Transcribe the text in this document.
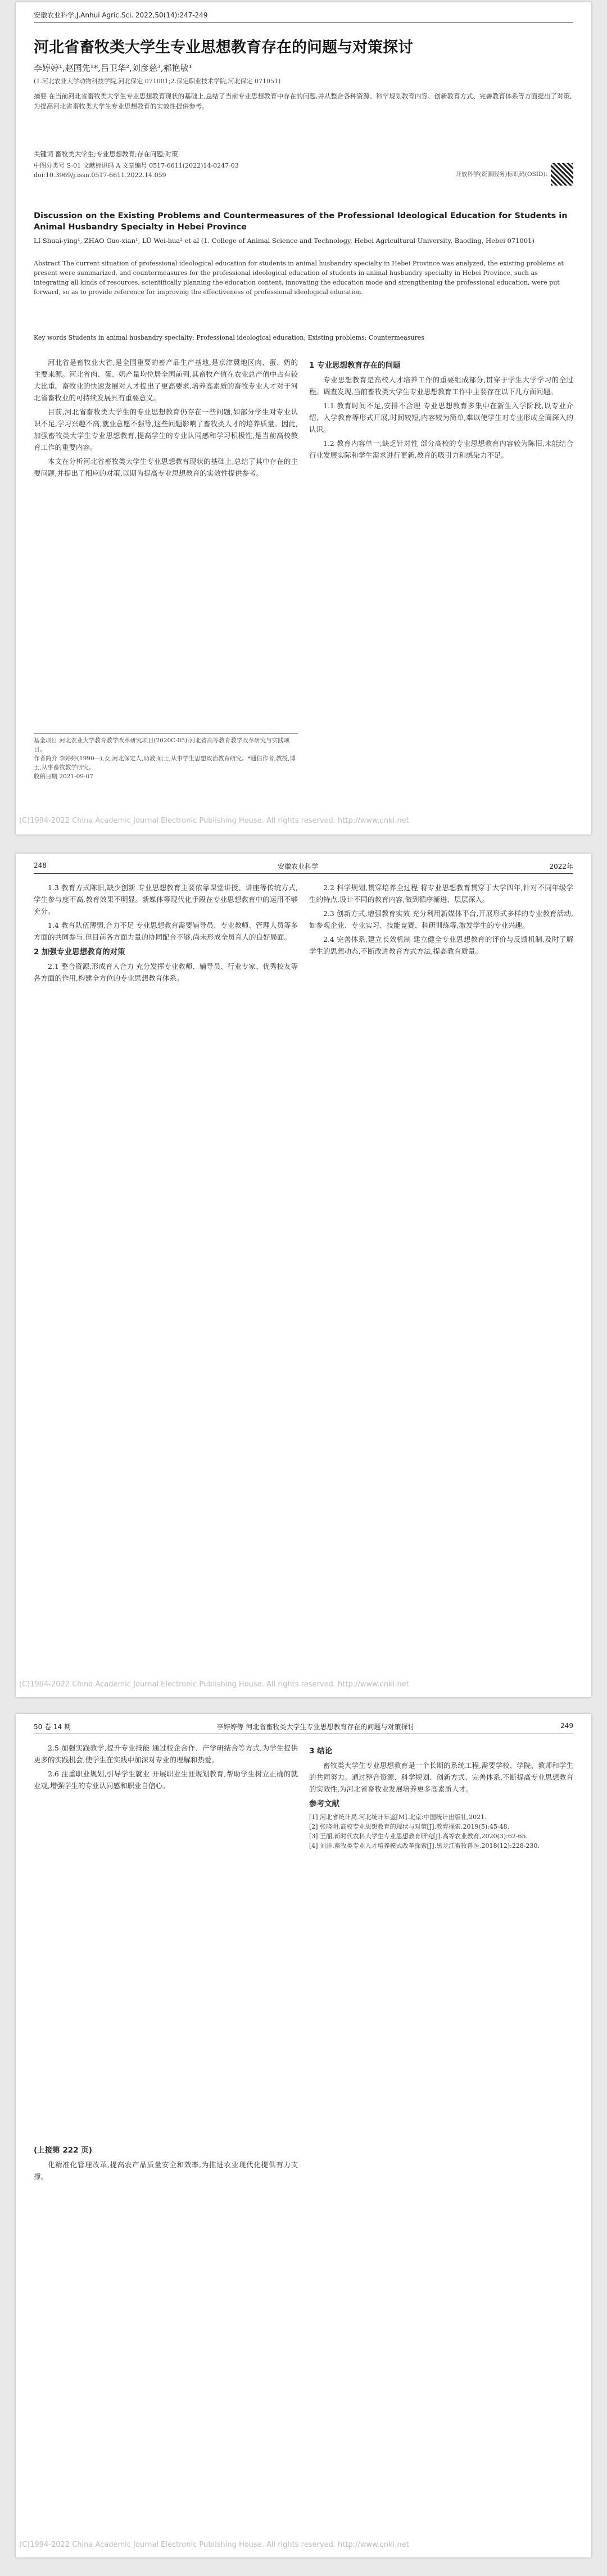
安徽农业科学,J.Anhui Agric.Sci. 2022,50(14):247-249
河北省畜牧类大学生专业思想教育存在的问题与对策探讨
李婷婷¹,赵国先¹*,吕卫华²,刘彦慈³,郝艳敏¹
(1.河北农业大学动物科技学院,河北保定 071001;2.保定职业技术学院,河北保定 071051)
摘要 在当前河北省畜牧类大学生专业思想教育现状的基础上,总结了当前专业思想教育中存在的问题,并从整合各种资源、科学规划教育内容、创新教育方式、完善教育体系等方面提出了对策,为提高河北省畜牧类大学生专业思想教育的实效性提供参考。
关键词 畜牧类大学生;专业思想教育;存在问题;对策
中图分类号 S-01 文献标识码 A 文章编号 0517-6611(2022)14-0247-03
doi:10.3969/j.issn.0517-6611.2022.14.059	开放科学(资源服务)标识码(OSID):
Discussion on the Existing Problems and Countermeasures of the Professional Ideological Education for Students in Animal Husbandry Specialty in Hebei Province
LI Shuai-ying¹, ZHAO Guo-xian¹, LÜ Wei-hua² et al (1. College of Animal Science and Technology, Hebei Agricultural University, Baoding, Hebei 071001)
Abstract The current situation of professional ideological education for students in animal husbandry specialty in Hebei Province was analyzed, the existing problems at present were summarized, and countermeasures for the professional ideological education of students in animal husbandry specialty in Hebei Province, such as integrating all kinds of resources, scientifically planning the education content, innovating the education mode and strengthening the professional education, were put forward, so as to provide reference for improving the effectiveness of professional ideological education.
Key words Students in animal husbandry specialty; Professional ideological education; Existing problems; Countermeasures

河北省是畜牧业大省,是全国重要的畜产品生产基地,是京津冀地区肉、蛋、奶的主要来源。河北省肉、蛋、奶产量均位居全国前列,其畜牧产值在农业总产值中占有较大比重。畜牧业的快速发展对人才提出了更高要求,培养高素质的畜牧专业人才对于河北省畜牧业的可持续发展具有重要意义。

目前,河北省畜牧类大学生的专业思想教育仍存在一些问题,如部分学生对专业认识不足,学习兴趣不高,就业意愿不强等,这些问题影响了畜牧类人才的培养质量。因此,加强畜牧类大学生专业思想教育,提高学生的专业认同感和学习积极性,是当前高校教育工作的重要内容。

本文在分析河北省畜牧类大学生专业思想教育现状的基础上,总结了其中存在的主要问题,并提出了相应的对策,以期为提高专业思想教育的实效性提供参考。

1 专业思想教育存在的问题

专业思想教育是高校人才培养工作的重要组成部分,贯穿于学生大学学习的全过程。调查发现,当前畜牧类大学生专业思想教育工作中主要存在以下几方面问题。

1.1 教育时间不足,安排不合理 专业思想教育多集中在新生入学阶段,以专业介绍、入学教育等形式开展,时间较短,内容较为简单,难以使学生对专业形成全面深入的认识。

1.2 教育内容单一,缺乏针对性 部分高校的专业思想教育内容较为陈旧,未能结合行业发展实际和学生需求进行更新,教育的吸引力和感染力不足。

基金项目 河北农业大学教育教学改革研究项目(2020C-05);河北省高等教育教学改革研究与实践项目。
作者简介 李婷婷(1990—),女,河北保定人,助教,硕士,从事学生思想政治教育研究。*通信作者,教授,博士,从事畜牧教学研究。
收稿日期 2021-09-07
(C)1994-2022 China Academic Journal Electronic Publishing House. All rights reserved. http://www.cnki.net
248	安徽农业科学	2022年

1.3 教育方式陈旧,缺少创新 专业思想教育主要依靠课堂讲授、讲座等传统方式,学生参与度不高,教育效果不明显。新媒体等现代化手段在专业思想教育中的运用不够充分。

1.4 教育队伍薄弱,合力不足 专业思想教育需要辅导员、专业教师、管理人员等多方面的共同参与,但目前各方面力量的协同配合不够,尚未形成全员育人的良好局面。

2 加强专业思想教育的对策

2.1 整合资源,形成育人合力 充分发挥专业教师、辅导员、行业专家、优秀校友等各方面的作用,构建全方位的专业思想教育体系。

2.2 科学规划,贯穿培养全过程 将专业思想教育贯穿于大学四年,针对不同年级学生的特点,设计不同的教育内容,做到循序渐进、层层深入。

2.3 创新方式,增强教育实效 充分利用新媒体平台,开展形式多样的专业教育活动,如参观企业、专业实习、技能竞赛、科研训练等,激发学生的专业兴趣。

2.4 完善体系,建立长效机制 建立健全专业思想教育的评价与反馈机制,及时了解学生的思想动态,不断改进教育方式方法,提高教育质量。

(C)1994-2022 China Academic Journal Electronic Publishing House. All rights reserved. http://www.cnki.net
50 卷 14 期	李婷婷等 河北省畜牧类大学生专业思想教育存在的问题与对策探讨	249

2.5 加强实践教学,提升专业技能 通过校企合作、产学研结合等方式,为学生提供更多的实践机会,使学生在实践中加深对专业的理解和热爱。

2.6 注重职业规划,引导学生就业 开展职业生涯规划教育,帮助学生树立正确的就业观,增强学生的专业认同感和职业自信心。

3 结论

畜牧类大学生专业思想教育是一个长期的系统工程,需要学校、学院、教师和学生的共同努力。通过整合资源、科学规划、创新方式、完善体系,不断提高专业思想教育的实效性,为河北省畜牧业发展培养更多高素质人才。

参考文献
[1] 河北省统计局.河北统计年鉴[M].北京:中国统计出版社,2021.
[2] 张晓明.高校专业思想教育的现状与对策[J].教育探索,2019(5):45-48.
[3] 王丽.新时代农科大学生专业思想教育研究[J].高等农业教育,2020(3):62-65.
[4] 刘洋.畜牧类专业人才培养模式改革探索[J].黑龙江畜牧兽医,2018(12):228-230.
(上接第 222 页)

化精准化管理改革,提高农产品质量安全和效率,为推进农业现代化提供有力支撑。

(C)1994-2022 China Academic Journal Electronic Publishing House. All rights reserved. http://www.cnki.net
